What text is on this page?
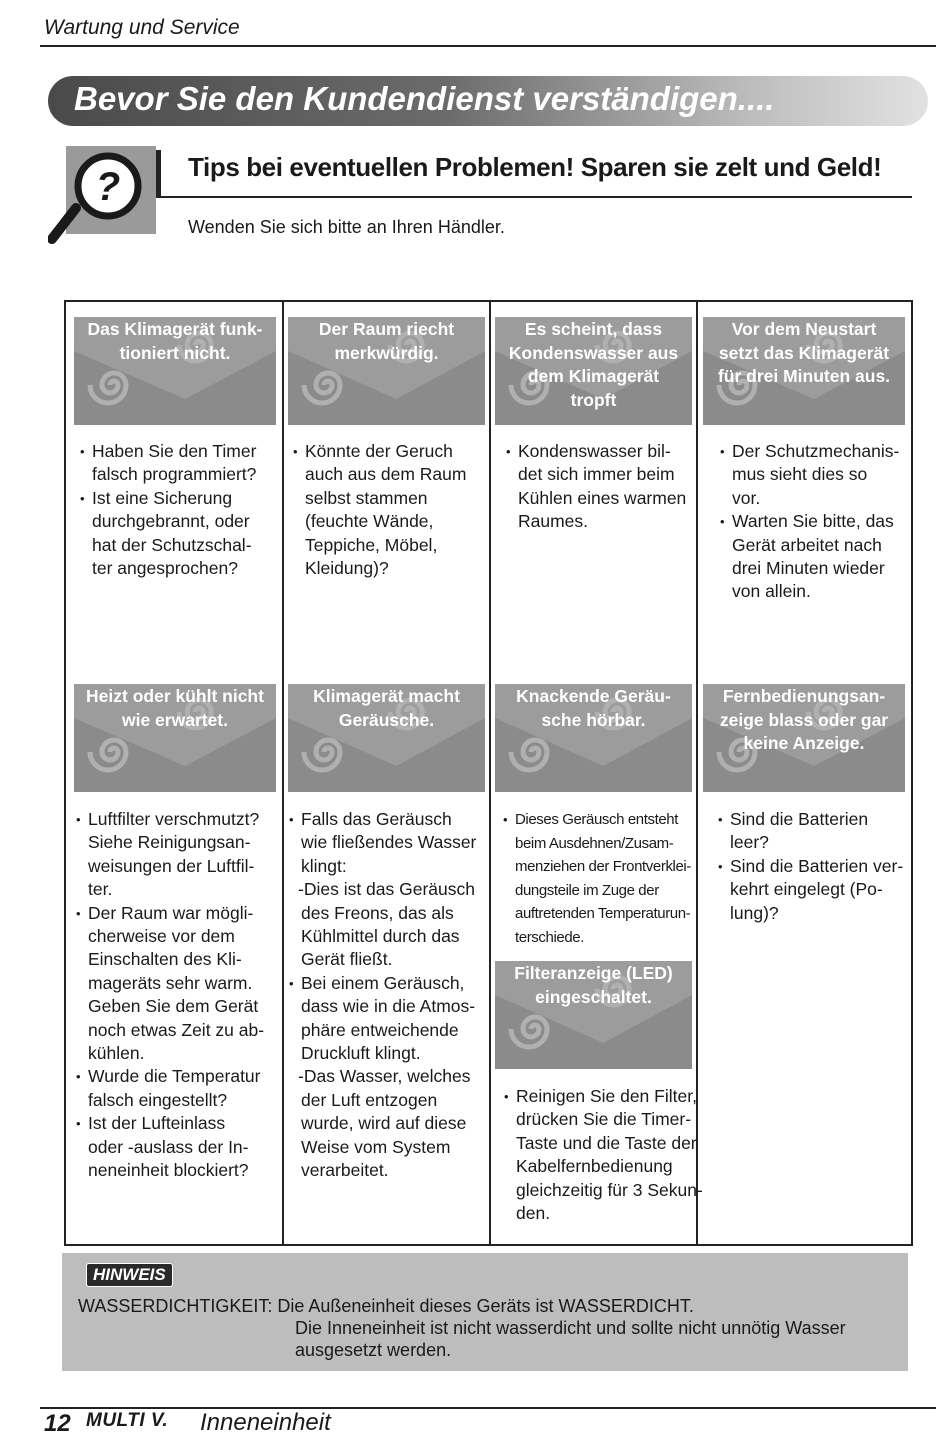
Wartung und Service
Bevor Sie den Kundendienst verständigen....
?	Tips bei eventuellen Problemen! Sparen sie zelt und Geld!
Wenden Sie sich bitte an Ihren Händler.
Das Klimagerät funk-
tioniert nicht.
• Haben Sie den Timer
falsch programmiert?
• Ist eine Sicherung
durchgebrannt, oder
hat der Schutzschal-
ter angesprochen?
Der Raum riecht
merkwürdig.
• Könnte der Geruch
auch aus dem Raum
selbst stammen
(feuchte Wände,
Teppiche, Möbel,
Kleidung)?
Es scheint, dass
Kondenswasser aus
dem Klimagerät
tropft
• Kondenswasser bil-
det sich immer beim
Kühlen eines warmen
Raumes.
Vor dem Neustart
setzt das Klimagerät
für drei Minuten aus.
• Der Schutzmechanis-
mus sieht dies so
vor.
• Warten Sie bitte, das
Gerät arbeitet nach
drei Minuten wieder
von allein.
Heizt oder kühlt nicht
wie erwartet.
• Luftfilter verschmutzt?
Siehe Reinigungsan-
weisungen der Luftfil-
ter.
• Der Raum war mögli-
cherweise vor dem
Einschalten des Kli-
mageräts sehr warm.
Geben Sie dem Gerät
noch etwas Zeit zu ab-
kühlen.
• Wurde die Temperatur
falsch eingestellt?
• Ist der Lufteinlass
oder -auslass der In-
neneinheit blockiert?
Klimagerät macht
Geräusche.
• Falls das Geräusch
wie fließendes Wasser
klingt:
-Dies ist das Geräusch
des Freons, das als
Kühlmittel durch das
Gerät fließt.
• Bei einem Geräusch,
dass wie in die Atmos-
phäre entweichende
Druckluft klingt.
-Das Wasser, welches
der Luft entzogen
wurde, wird auf diese
Weise vom System
verarbeitet.
Knackende Geräu-
sche hörbar.
• Dieses Geräusch entsteht
beim Ausdehnen/Zusam-
menziehen der Frontverklei-
dungsteile im Zuge der
auftretenden Temperaturun-
terschiede.
Fernbedienungsan-
zeige blass oder gar
keine Anzeige.
• Sind die Batterien
leer?
• Sind die Batterien ver-
kehrt eingelegt (Po-
lung)?
Filteranzeige (LED)
eingeschaltet.
• Reinigen Sie den Filter,
drücken Sie die Timer-
Taste und die Taste der
Kabelfernbedienung
gleichzeitig für 3 Sekun-
den.
HINWEIS
WASSERDICHTIGKEIT: Die Außeneinheit dieses Geräts ist WASSERDICHT.
Die Inneneinheit ist nicht wasserdicht und sollte nicht unnötig Wasser
ausgesetzt werden.
12 MULTI V. Inneneinheit
